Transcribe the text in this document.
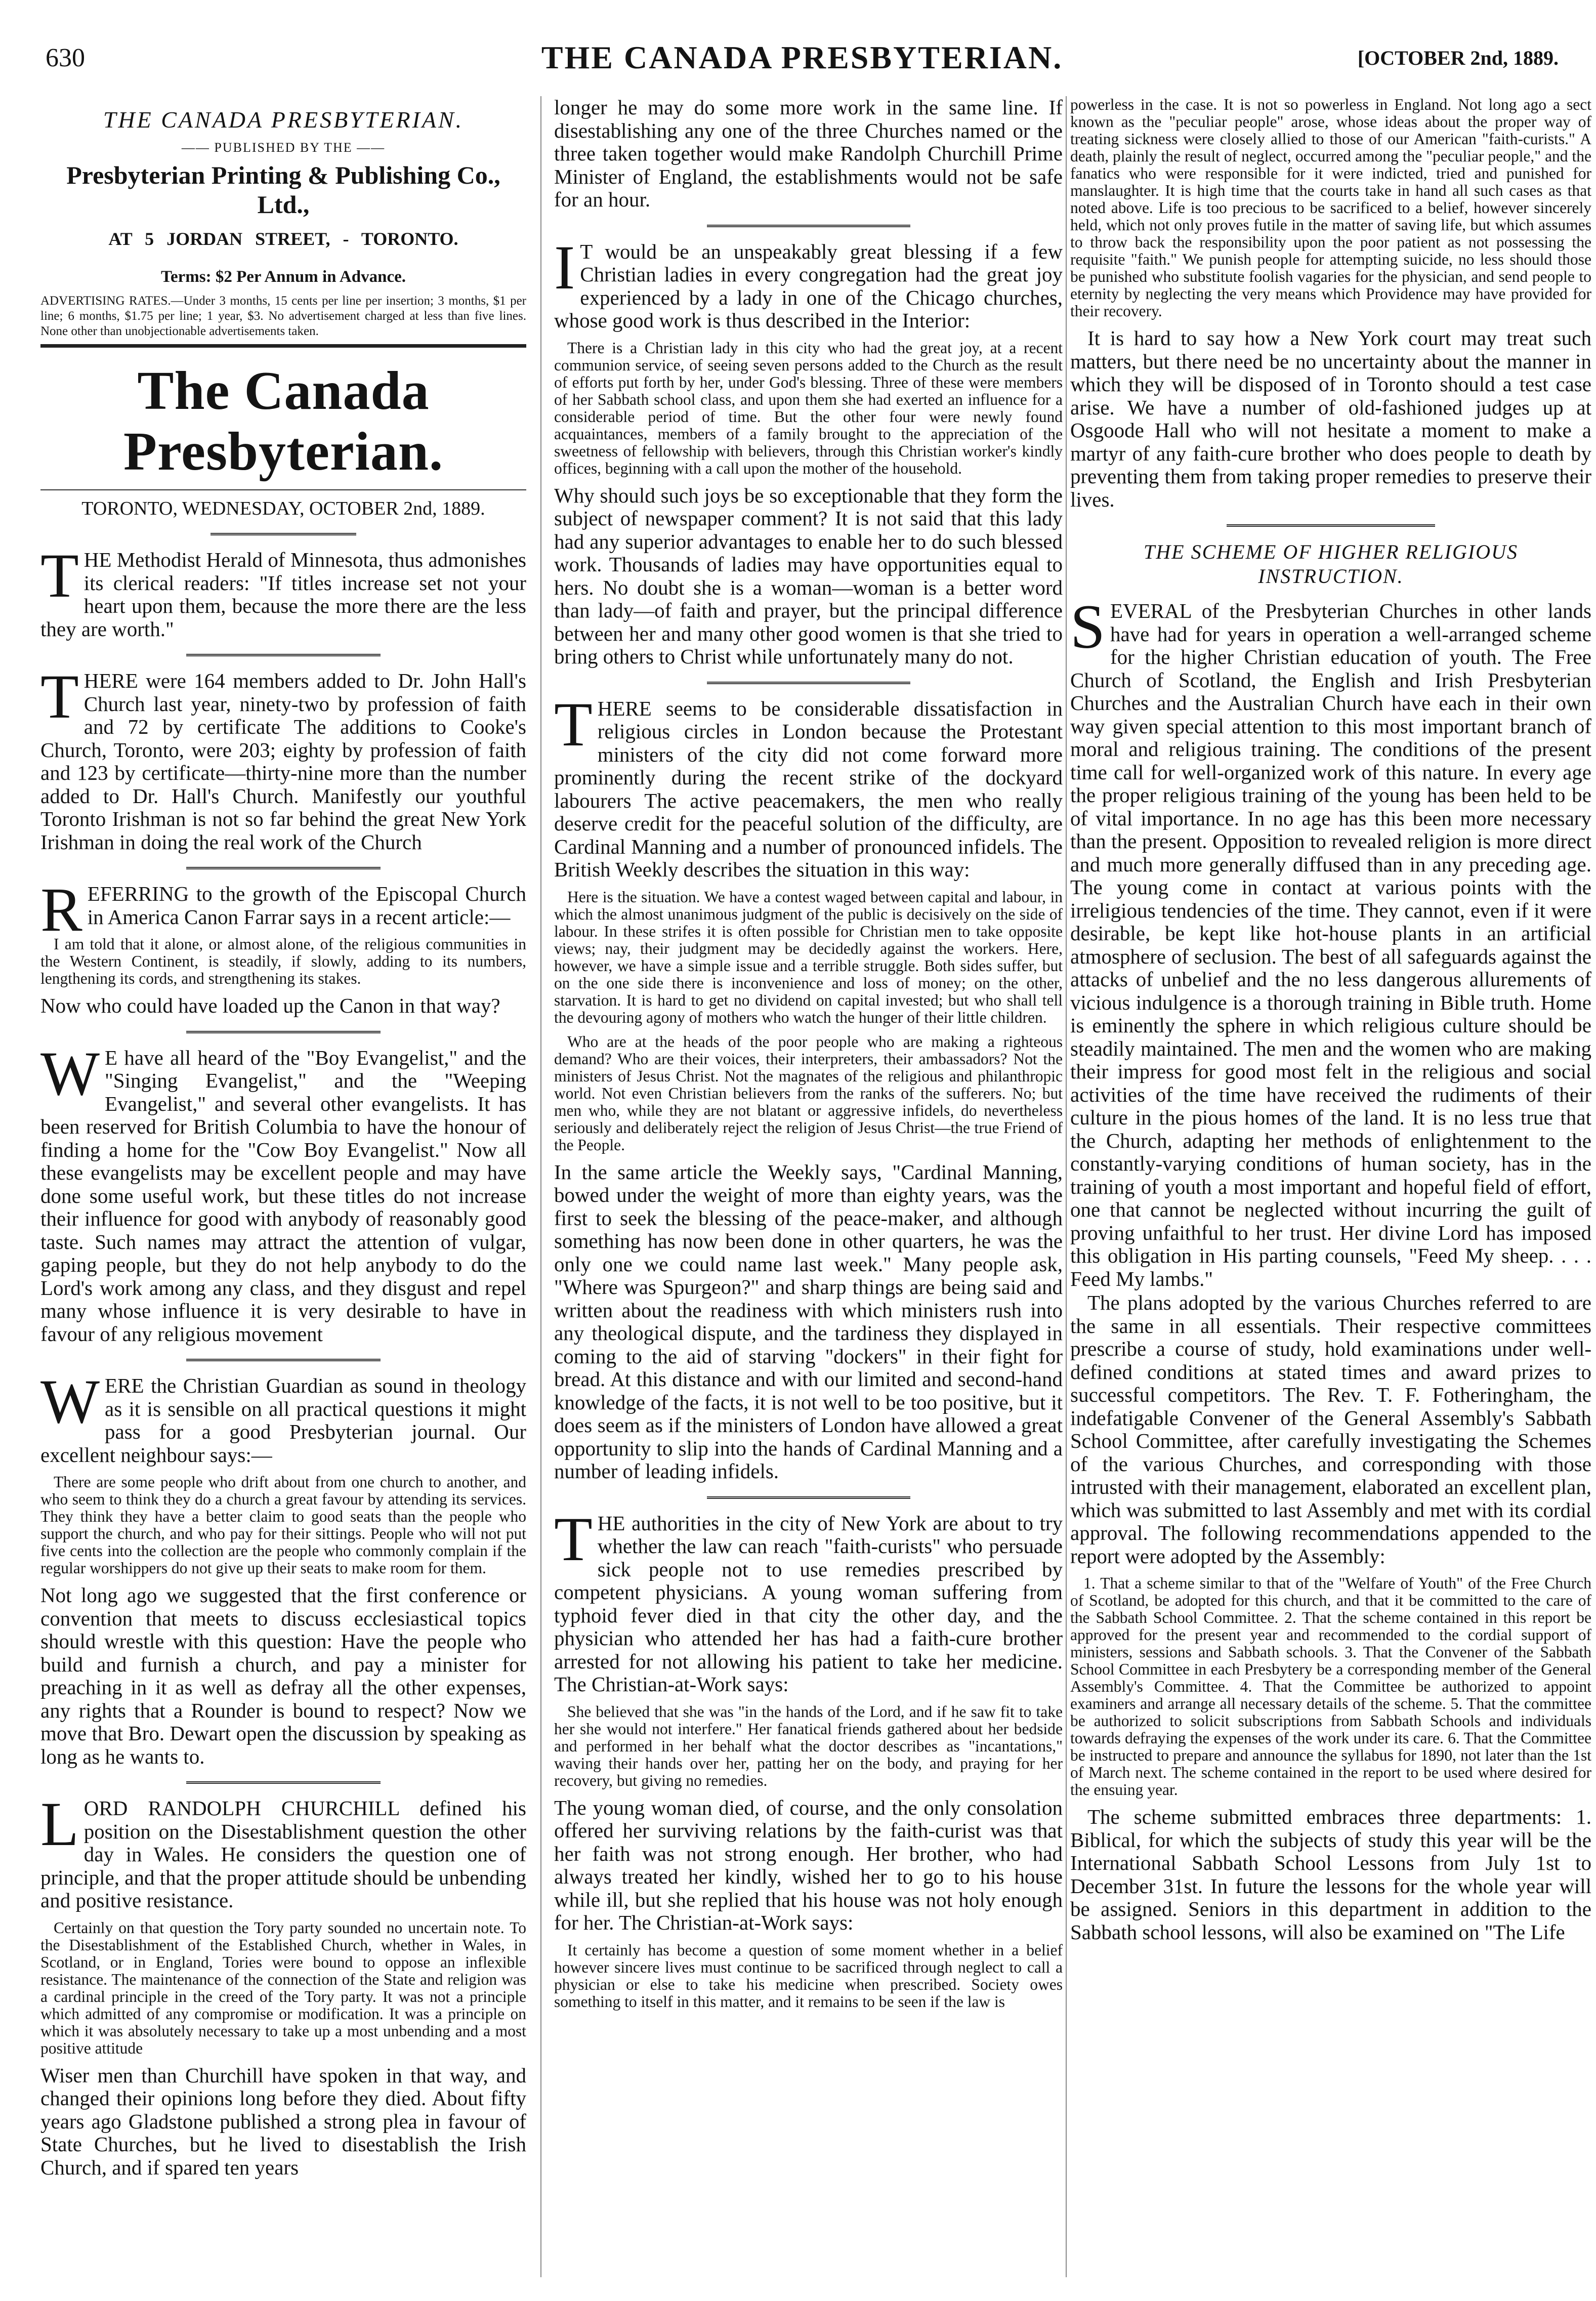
630	THE CANADA PRESBYTERIAN.	[OCTOBER 2nd, 1889.
THE CANADA PRESBYTERIAN.
—— PUBLISHED BY THE ——
Presbyterian Printing & Publishing Co., Ltd.,
AT 5 JORDAN STREET, - TORONTO.
Terms: $2 Per Annum in Advance.
ADVERTISING RATES.—Under 3 months, 15 cents per line per insertion; 3 months, $1 per line; 6 months, $1.75 per line; 1 year, $3. No advertisement charged at less than five lines. None other than unobjectionable advertisements taken.
The Canada Presbyterian.
TORONTO, WEDNESDAY, OCTOBER 2nd, 1889.

THE Methodist Herald of Minnesota, thus admonishes its clerical readers: "If titles increase set not your heart upon them, because the more there are the less they are worth."

THERE were 164 members added to Dr. John Hall's Church last year, ninety-two by profession of faith and 72 by certificate The additions to Cooke's Church, Toronto, were 203; eighty by profession of faith and 123 by certificate—thirty-nine more than the number added to Dr. Hall's Church. Manifestly our youthful Toronto Irishman is not so far behind the great New York Irishman in doing the real work of the Church

REFERRING to the growth of the Episcopal Church in America Canon Farrar says in a recent article:—

I am told that it alone, or almost alone, of the religious communities in the Western Continent, is steadily, if slowly, adding to its numbers, lengthening its cords, and strengthening its stakes.

Now who could have loaded up the Canon in that way?

W E have all heard of the "Boy Evangelist," and the "Singing Evangelist," and the "Weeping Evangelist," and several other evangelists. It has been reserved for British Columbia to have the honour of finding a home for the "Cow Boy Evangelist." Now all these evangelists may be excellent people and may have done some useful work, but these titles do not increase their influence for good with anybody of reasonably good taste. Such names may attract the attention of vulgar, gaping people, but they do not help anybody to do the Lord's work among any class, and they disgust and repel many whose influence it is very desirable to have in favour of any religious movement

WERE the Christian Guardian as sound in theology as it is sensible on all practical questions it might pass for a good Presbyterian journal. Our excellent neighbour says:—

There are some people who drift about from one church to another, and who seem to think they do a church a great favour by attending its services. They think they have a better claim to good seats than the people who support the church, and who pay for their sittings. People who will not put five cents into the collection are the people who commonly complain if the regular worshippers do not give up their seats to make room for them.

Not long ago we suggested that the first conference or convention that meets to discuss ecclesiastical topics should wrestle with this question: Have the people who build and furnish a church, and pay a minister for preaching in it as well as defray all the other expenses, any rights that a Rounder is bound to respect? Now we move that Bro. Dewart open the discussion by speaking as long as he wants to.

LORD RANDOLPH CHURCHILL defined his position on the Disestablishment question the other day in Wales. He considers the question one of principle, and that the proper attitude should be unbending and positive resistance.

Certainly on that question the Tory party sounded no uncertain note. To the Disestablishment of the Established Church, whether in Wales, in Scotland, or in England, Tories were bound to oppose an inflexible resistance. The maintenance of the connection of the State and religion was a cardinal principle in the creed of the Tory party. It was not a principle which admitted of any compromise or modification. It was a principle on which it was absolutely necessary to take up a most unbending and a most positive attitude

Wiser men than Churchill have spoken in that way, and changed their opinions long before they died. About fifty years ago Gladstone published a strong plea in favour of State Churches, but he lived to disestablish the Irish Church, and if spared ten years

longer he may do some more work in the same line. If disestablishing any one of the three Churches named or the three taken together would make Randolph Churchill Prime Minister of England, the establishments would not be safe for an hour.

I T would be an unspeakably great blessing if a few Christian ladies in every congregation had the great joy experienced by a lady in one of the Chicago churches, whose good work is thus described in the Interior:

There is a Christian lady in this city who had the great joy, at a recent communion service, of seeing seven persons added to the Church as the result of efforts put forth by her, under God's blessing. Three of these were members of her Sabbath school class, and upon them she had exerted an influence for a considerable period of time. But the other four were newly found acquaintances, members of a family brought to the appreciation of the sweetness of fellowship with believers, through this Christian worker's kindly offices, beginning with a call upon the mother of the household.

Why should such joys be so exceptionable that they form the subject of newspaper comment? It is not said that this lady had any superior advantages to enable her to do such blessed work. Thousands of ladies may have opportunities equal to hers. No doubt she is a woman—woman is a better word than lady—of faith and prayer, but the principal difference between her and many other good women is that she tried to bring others to Christ while unfortunately many do not.

THERE seems to be considerable dissatisfaction in religious circles in London because the Protestant ministers of the city did not come forward more prominently during the recent strike of the dockyard labourers The active peacemakers, the men who really deserve credit for the peaceful solution of the difficulty, are Cardinal Manning and a number of pronounced infidels. The British Weekly describes the situation in this way:

Here is the situation. We have a contest waged between capital and labour, in which the almost unanimous judgment of the public is decisively on the side of labour. In these strifes it is often possible for Christian men to take opposite views; nay, their judgment may be decidedly against the workers. Here, however, we have a simple issue and a terrible struggle. Both sides suffer, but on the one side there is inconvenience and loss of money; on the other, starvation. It is hard to get no dividend on capital invested; but who shall tell the devouring agony of mothers who watch the hunger of their little children.

Who are at the heads of the poor people who are making a righteous demand? Who are their voices, their interpreters, their ambassadors? Not the ministers of Jesus Christ. Not the magnates of the religious and philanthropic world. Not even Christian believers from the ranks of the sufferers. No; but men who, while they are not blatant or aggressive infidels, do nevertheless seriously and deliberately reject the religion of Jesus Christ—the true Friend of the People.

In the same article the Weekly says, "Cardinal Manning, bowed under the weight of more than eighty years, was the first to seek the blessing of the peace-maker, and although something has now been done in other quarters, he was the only one we could name last week." Many people ask, "Where was Spurgeon?" and sharp things are being said and written about the readiness with which ministers rush into any theological dispute, and the tardiness they displayed in coming to the aid of starving "dockers" in their fight for bread. At this distance and with our limited and second-hand knowledge of the facts, it is not well to be too positive, but it does seem as if the ministers of London have allowed a great opportunity to slip into the hands of Cardinal Manning and a number of leading infidels.

THE authorities in the city of New York are about to try whether the law can reach "faith-curists" who persuade sick people not to use remedies prescribed by competent physicians. A young woman suffering from typhoid fever died in that city the other day, and the physician who attended her has had a faith-cure brother arrested for not allowing his patient to take her medicine. The Christian-at-Work says:

She believed that she was "in the hands of the Lord, and if he saw fit to take her she would not interfere." Her fanatical friends gathered about her bedside and performed in her behalf what the doctor describes as "incantations," waving their hands over her, patting her on the body, and praying for her recovery, but giving no remedies.

The young woman died, of course, and the only consolation offered her surviving relations by the faith-curist was that her faith was not strong enough. Her brother, who had always treated her kindly, wished her to go to his house while ill, but she replied that his house was not holy enough for her. The Christian-at-Work says:

It certainly has become a question of some moment whether in a belief however sincere lives must continue to be sacrificed through neglect to call a physician or else to take his medicine when prescribed. Society owes something to itself in this matter, and it remains to be seen if the law is

powerless in the case. It is not so powerless in England. Not long ago a sect known as the "peculiar people" arose, whose ideas about the proper way of treating sickness were closely allied to those of our American "faith-curists." A death, plainly the result of neglect, occurred among the "peculiar people," and the fanatics who were responsible for it were indicted, tried and punished for manslaughter. It is high time that the courts take in hand all such cases as that noted above. Life is too precious to be sacrificed to a belief, however sincerely held, which not only proves futile in the matter of saving life, but which assumes to throw back the responsibility upon the poor patient as not possessing the requisite "faith." We punish people for attempting suicide, no less should those be punished who substitute foolish vagaries for the physician, and send people to eternity by neglecting the very means which Providence may have provided for their recovery.

It is hard to say how a New York court may treat such matters, but there need be no uncertainty about the manner in which they will be disposed of in Toronto should a test case arise. We have a number of old-fashioned judges up at Osgoode Hall who will not hesitate a moment to make a martyr of any faith-cure brother who does people to death by preventing them from taking proper remedies to preserve their lives.

THE SCHEME OF HIGHER RELIGIOUS INSTRUCTION.

SEVERAL of the Presbyterian Churches in other lands have had for years in operation a well-arranged scheme for the higher Christian education of youth. The Free Church of Scotland, the English and Irish Presbyterian Churches and the Australian Church have each in their own way given special attention to this most important branch of moral and religious training. The conditions of the present time call for well-organized work of this nature. In every age the proper religious training of the young has been held to be of vital importance. In no age has this been more necessary than the present. Opposition to revealed religion is more direct and much more generally diffused than in any preceding age. The young come in contact at various points with the irreligious tendencies of the time. They cannot, even if it were desirable, be kept like hot-house plants in an artificial atmosphere of seclusion. The best of all safeguards against the attacks of unbelief and the no less dangerous allurements of vicious indulgence is a thorough training in Bible truth. Home is eminently the sphere in which religious culture should be steadily maintained. The men and the women who are making their impress for good most felt in the religious and social activities of the time have received the rudiments of their culture in the pious homes of the land. It is no less true that the Church, adapting her methods of enlightenment to the constantly-varying conditions of human society, has in the training of youth a most important and hopeful field of effort, one that cannot be neglected without incurring the guilt of proving unfaithful to her trust. Her divine Lord has imposed this obligation in His parting counsels, "Feed My sheep. . . . Feed My lambs."

The plans adopted by the various Churches referred to are the same in all essentials. Their respective committees prescribe a course of study, hold examinations under well-defined conditions at stated times and award prizes to successful competitors. The Rev. T. F. Fotheringham, the indefatigable Convener of the General Assembly's Sabbath School Committee, after carefully investigating the Schemes of the various Churches, and corresponding with those intrusted with their management, elaborated an excellent plan, which was submitted to last Assembly and met with its cordial approval. The following recommendations appended to the report were adopted by the Assembly:

1. That a scheme similar to that of the "Welfare of Youth" of the Free Church of Scotland, be adopted for this church, and that it be committed to the care of the Sabbath School Committee. 2. That the scheme contained in this report be approved for the present year and recommended to the cordial support of ministers, sessions and Sabbath schools. 3. That the Convener of the Sabbath School Committee in each Presbytery be a corresponding member of the General Assembly's Committee. 4. That the Committee be authorized to appoint examiners and arrange all necessary details of the scheme. 5. That the committee be authorized to solicit subscriptions from Sabbath Schools and individuals towards defraying the expenses of the work under its care. 6. That the Committee be instructed to prepare and announce the syllabus for 1890, not later than the 1st of March next. The scheme contained in the report to be used where desired for the ensuing year.

The scheme submitted embraces three departments: 1. Biblical, for which the subjects of study this year will be the International Sabbath School Lessons from July 1st to December 31st. In future the lessons for the whole year will be assigned. Seniors in this department in addition to the Sabbath school lessons, will also be examined on "The Life
